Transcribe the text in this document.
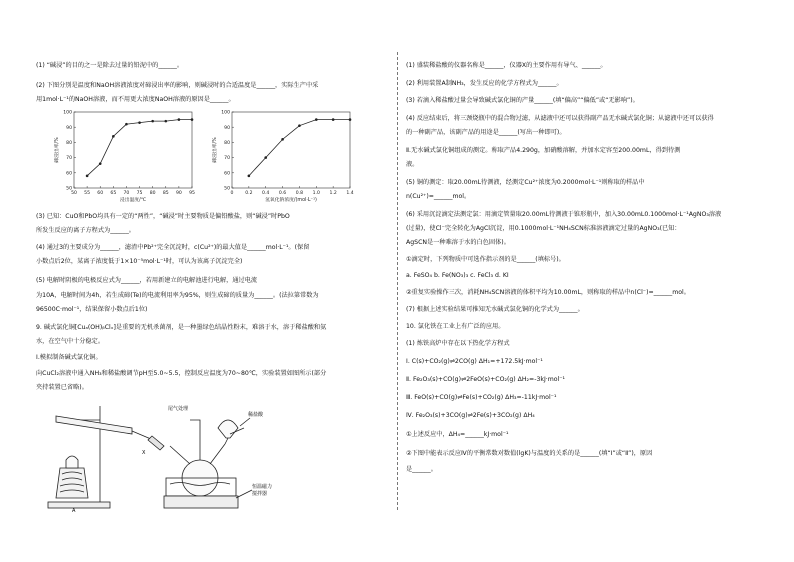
(1) “碱浸”的目的之一是除去过量的铅泥中的______。
(2) 下图分别是温度和NaOH溶液浓度对碲浸出率的影响，则碱浸时的合适温度是______，实际生产中采
用1mol·L⁻¹的NaOH溶液，而不用更大浓度NaOH溶液的原因是______。
50
60
70
80
90
100
50 55 60 65 70 75 80 85 90 95
浸出温度/℃
碲浸出率/%
50
60
70
80
90
100
0	0.2 0.4 0.6 0.8 1.0 1.2 1.4
氢氧化钠浓度/(mol·L⁻¹)
碲浸出率/%
(3) 已知：CuO和PbO均具有一定的“两性”，“碱浸”时主要物质是偏铅酸盐，则“碱浸”时PbO
所发生反应的离子方程式为______。
(4) 通过3的主要成分为______，滤渣中Pb²⁺完全沉淀时，c(Cu²⁺)的最大值是______mol·L⁻¹。(保留
小数点后2位，某离子浓度低于1×10⁻⁵mol·L⁻¹时，可认为该离子沉淀完全)
(5) 电解时阴极的电极反应式为______，若用新建立的电解池进行电解，通过电流
为10A，电解时间为4h，若生成碲(Te)的电流利用率为95%，则生成碲的质量为______。(法拉第常数为
96500C·mol⁻¹，结果保留小数点后1位)
9. 碱式氯化铜[Cuₐ(OH)ᵦClₓ]是重要的无机杀菌剂，是一种墨绿色结晶性粉末，难溶于水，溶于稀盐酸和氨
水，在空气中十分稳定。
Ⅰ.模拟制备碱式氯化铜。
向CuCl₂溶液中通入NH₃和稀盐酸调节pH至5.0~5.5，控制反应温度为70~80℃，实验装置如图所示(部分
夹持装置已省略)。
尾气处理
稀盐酸
X
A
恒温磁力
搅拌器
(1) 盛装稀盐酸的仪器名称是______，仪器X的主要作用有导气、______。
(2) 利用装置A制NH₃，发生反应的化学方程式为______。
(3) 若滴入稀盐酸过量会导致碱式氯化铜的产量______(填“偏高”“偏低”或“无影响”)。
(4) 反应结束后，将三颈烧瓶中的混合物过滤，从滤液中还可以获得副产品无水碱式氯化铜；从滤液中还可以获得
的一种副产品，该副产品的用途是______(写出一种即可)。
Ⅱ.无水碱式氯化铜组成的测定。称取产品4.290g，加硝酸溶解，并加水定容至200.00mL，得到待测
液。
(5) 铜的测定：取20.00mL待测液，经测定Cu²⁺浓度为0.2000mol·L⁻¹则称取的样品中
n(Cu²⁺)=______mol。
(6) 采用沉淀滴定法测定氯：用滴定管量取20.00mL待测液于锥形瓶中，加入30.00mL0.1000mol·L⁻¹AgNO₃溶液
(过量)，使Cl⁻完全转化为AgCl沉淀，用0.1000mol·L⁻¹NH₄SCN标准溶液滴定过量的AgNO₃(已知：
AgSCN是一种难溶于水的白色固体)。
①滴定时，下列物质中可选作指示剂的是______(填标号)。
a. FeSO₄ b. Fe(NO₃)₃ c. FeCl₃ d. KI
②重复实验操作三次，消耗NH₄SCN溶液的体积平均为10.00mL，则称取的样品中n(Cl⁻)=______mol。
(7) 根据上述实验结果可推知无水碱式氯化铜的化学式为______。
10. 氯化铁在工业上有广泛的应用。
(1) 炼铁高炉中存在以下热化学方程式
Ⅰ. C(s)+CO₂(g)⇌2CO(g) ΔH₁=+172.5kJ·mol⁻¹
Ⅱ. Fe₂O₃(s)+CO(g)⇌2FeO(s)+CO₂(g) ΔH₂=-3kJ·mol⁻¹
Ⅲ. FeO(s)+CO(g)⇌Fe(s)+CO₂(g) ΔH₃=-11kJ·mol⁻¹
Ⅳ. Fe₂O₃(s)+3CO(g)⇌2Fe(s)+3CO₂(g) ΔH₄
①上述反应中，ΔH₄=______kJ·mol⁻¹
②下图中能表示反应Ⅳ的平衡常数对数值(lgK)与温度的关系的是______(填“Ⅰ”或“Ⅱ”)，原因
是______。
